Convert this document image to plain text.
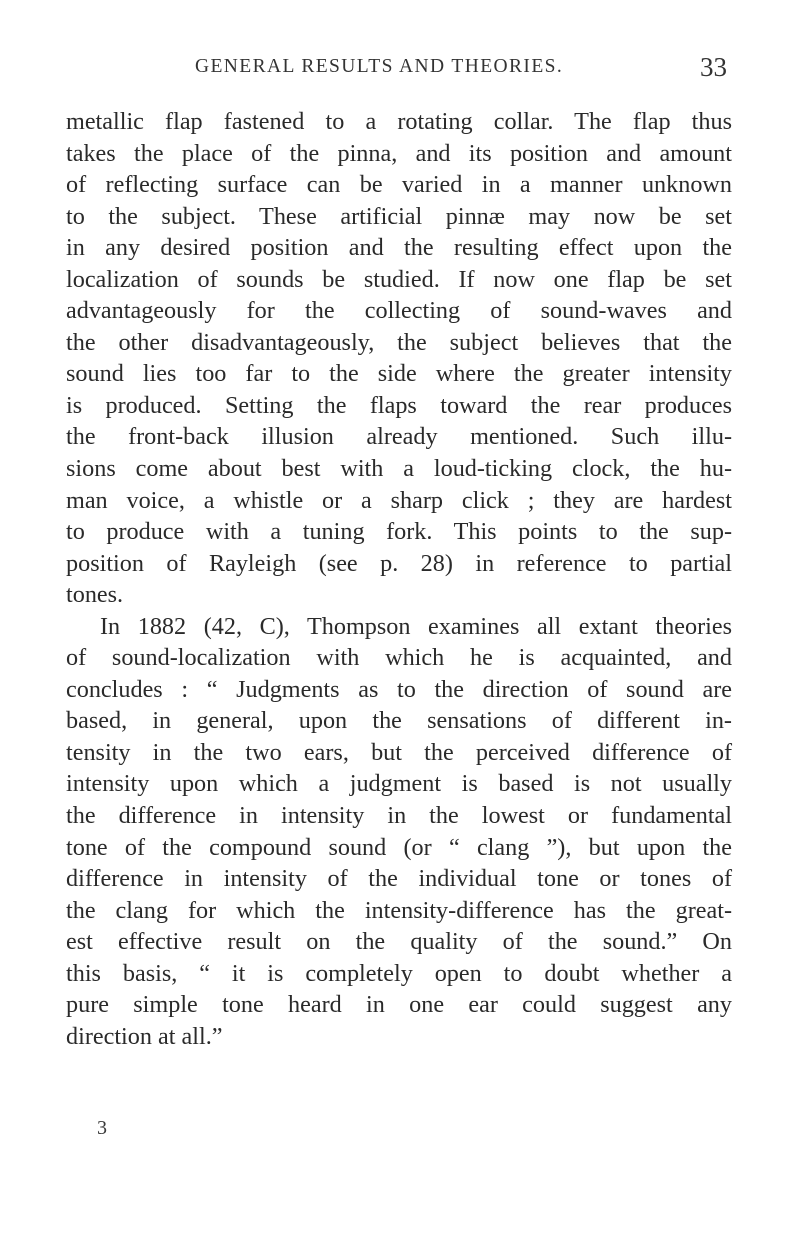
GENERAL RESULTS AND THEORIES.	33
metallic flap fastened to a rotating collar. The flap thus
takes the place of the pinna, and its position and amount
of reflecting surface can be varied in a manner unknown
to the subject. These artificial pinnæ may now be set
in any desired position and the resulting effect upon the
localization of sounds be studied. If now one flap be set
advantageously for the collecting of sound-waves and
the other disadvantageously, the subject believes that the
sound lies too far to the side where the greater intensity
is produced. Setting the flaps toward the rear produces
the front-back illusion already mentioned. Such illu-
sions come about best with a loud-ticking clock, the hu-
man voice, a whistle or a sharp click ; they are hardest
to produce with a tuning fork. This points to the sup-
position of Rayleigh (see p. 28) in reference to partial
tones.
In 1882 (42, C), Thompson examines all extant theories
of sound-localization with which he is acquainted, and
concludes : “ Judgments as to the direction of sound are
based, in general, upon the sensations of different in-
tensity in the two ears, but the perceived difference of
intensity upon which a judgment is based is not usually
the difference in intensity in the lowest or fundamental
tone of the compound sound (or “ clang ”), but upon the
difference in intensity of the individual tone or tones of
the clang for which the intensity-difference has the great-
est effective result on the quality of the sound.” On
this basis, “ it is completely open to doubt whether a
pure simple tone heard in one ear could suggest any
direction at all.”
3
